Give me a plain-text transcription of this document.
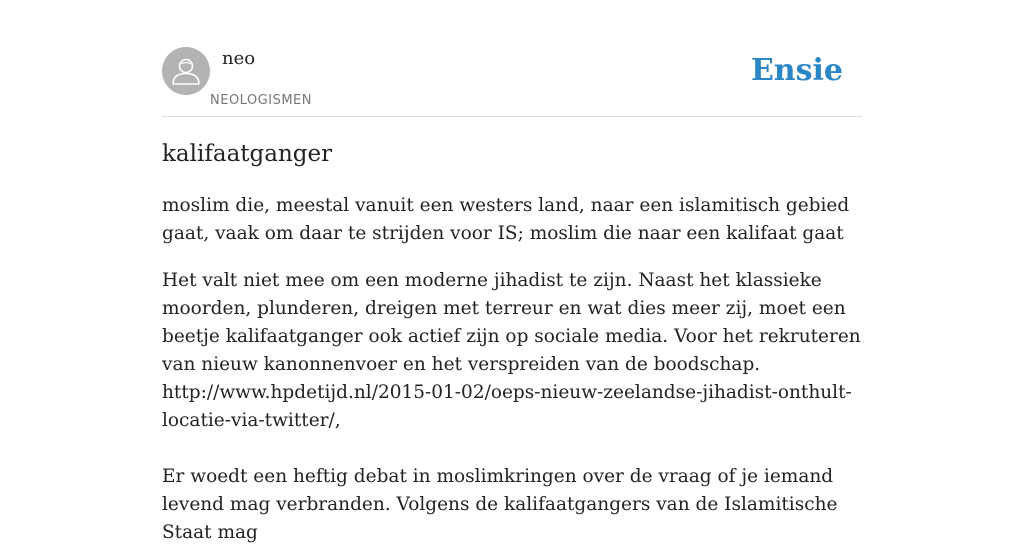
neo
NEOLOGISMEN
Ensie
kalifaatganger

moslim die, meestal vanuit een westers land, naar een islamitisch gebied gaat, vaak om daar te strijden voor IS; moslim die naar een kalifaat gaat

Het valt niet mee om een moderne jihadist te zijn. Naast het klassieke moorden, plunderen, dreigen met terreur en wat dies meer zij, moet een beetje kalifaatganger ook actief zijn op sociale media. Voor het rekruteren van nieuw kanonnenvoer en het verspreiden van de boodschap.

http://www.hpdetijd.nl/2015-01-02/oeps-nieuw-zeelandse-jihadist-onthult-locatie-via-twitter/,

Er woedt een heftig debat in moslimkringen over de vraag of je iemand levend mag verbranden. Volgens de kalifaatgangers van de Islamitische Staat mag
